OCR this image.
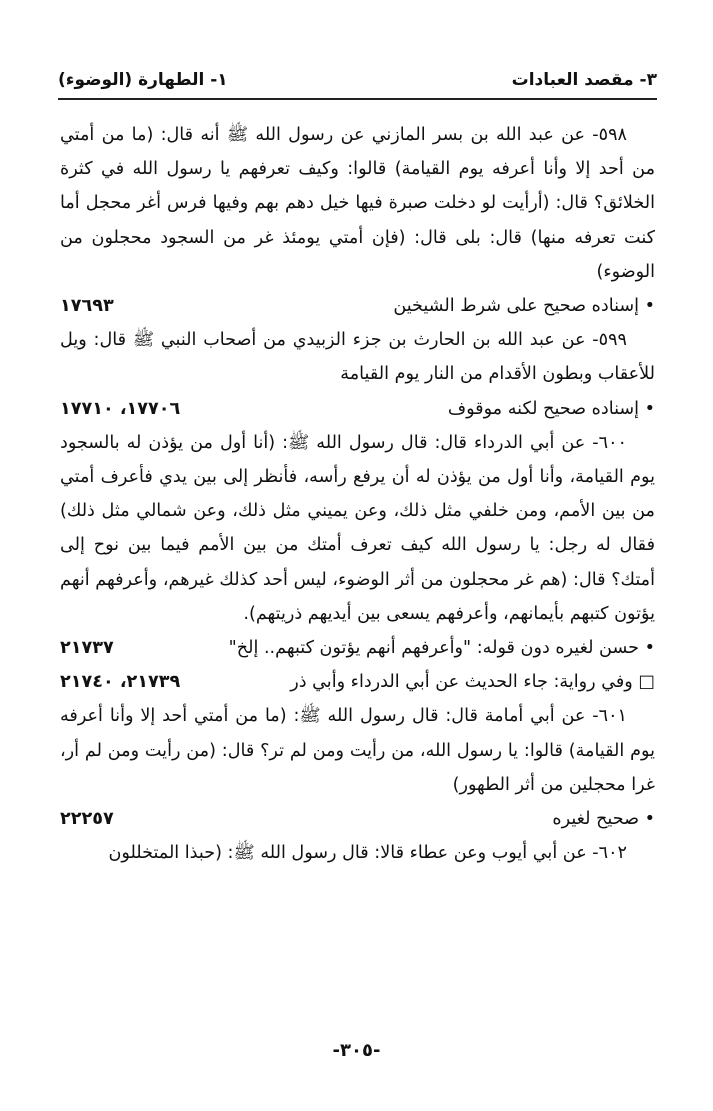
٣- مقصد العبادات
١- الطهارة (الوضوء)

٥٩٨- عن عبد الله بن بسر المازني عن رسول الله ﷺ أنه قال: (ما من أمتي من أحد إلا وأنا أعرفه يوم القيامة) قالوا: وكيف تعرفهم يا رسول الله في كثرة الخلائق؟ قال: (أرأيت لو دخلت صبرة فيها خيل دهم بهم وفيها فرس أغر محجل أما كنت تعرفه منها) قال: بلى قال: (فإن أمتي يومئذ غر من السجود محجلون من الوضوء)

• إسناده صحيح على شرط الشيخين
١٧٦٩٣

٥٩٩- عن عبد الله بن الحارث بن جزء الزبيدي من أصحاب النبي ﷺ قال: ويل للأعقاب وبطون الأقدام من النار يوم القيامة

• إسناده صحيح لكنه موقوف
١٧٧٠٦، ١٧٧١٠

٦٠٠- عن أبي الدرداء قال: قال رسول الله ﷺ: (أنا أول من يؤذن له بالسجود يوم القيامة، وأنا أول من يؤذن له أن يرفع رأسه، فأنظر إلى بين يدي فأعرف أمتي من بين الأمم، ومن خلفي مثل ذلك، وعن يميني مثل ذلك، وعن شمالي مثل ذلك) فقال له رجل: يا رسول الله كيف تعرف أمتك من بين الأمم فيما بين نوح إلى أمتك؟ قال: (هم غر محجلون من أثر الوضوء، ليس أحد كذلك غيرهم، وأعرفهم أنهم يؤتون كتبهم بأيمانهم، وأعرفهم يسعى بين أيديهم ذريتهم).

• حسن لغيره دون قوله: "وأعرفهم أنهم يؤتون كتبهم.. إلخ"
٢١٧٣٧
□ وفي رواية: جاء الحديث عن أبي الدرداء وأبي ذر
٢١٧٣٩، ٢١٧٤٠

٦٠١- عن أبي أمامة قال: قال رسول الله ﷺ: (ما من أمتي أحد إلا وأنا أعرفه يوم القيامة) قالوا: يا رسول الله، من رأيت ومن لم تر؟ قال: (من رأيت ومن لم أر، غرا محجلين من أثر الطهور)

• صحيح لغيره
٢٢٢٥٧

٦٠٢- عن أبي أيوب وعن عطاء قالا: قال رسول الله ﷺ: (حبذا المتخللون

-٣٠٥-
